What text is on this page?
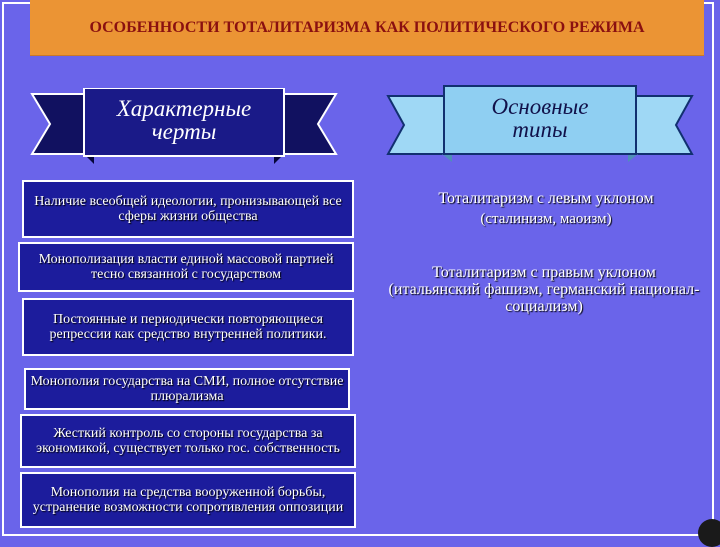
ОСОБЕННОСТИ ТОТАЛИТАРИЗМА КАК ПОЛИТИЧЕСКОГО РЕЖИМА
Характерные
черты
Основные
типы
Наличие всеобщей идеологии, пронизывающей все сферы жизни общества
Монополизация власти единой массовой партией тесно связанной с государством
Постоянные и периодически повторяющиеся репрессии как средство внутренней политики.
Монополия государства на СМИ, полное отсутствие плюрализма
Жесткий контроль со стороны государства за экономикой, существует только гос. собственность
Монополия на средства вооруженной борьбы, устранение возможности сопротивления оппозиции
Тоталитаризм с левым уклоном
(сталинизм, маоизм)
Тоталитаризм с правым уклоном
(итальянский фашизм, германский национал-социализм)
